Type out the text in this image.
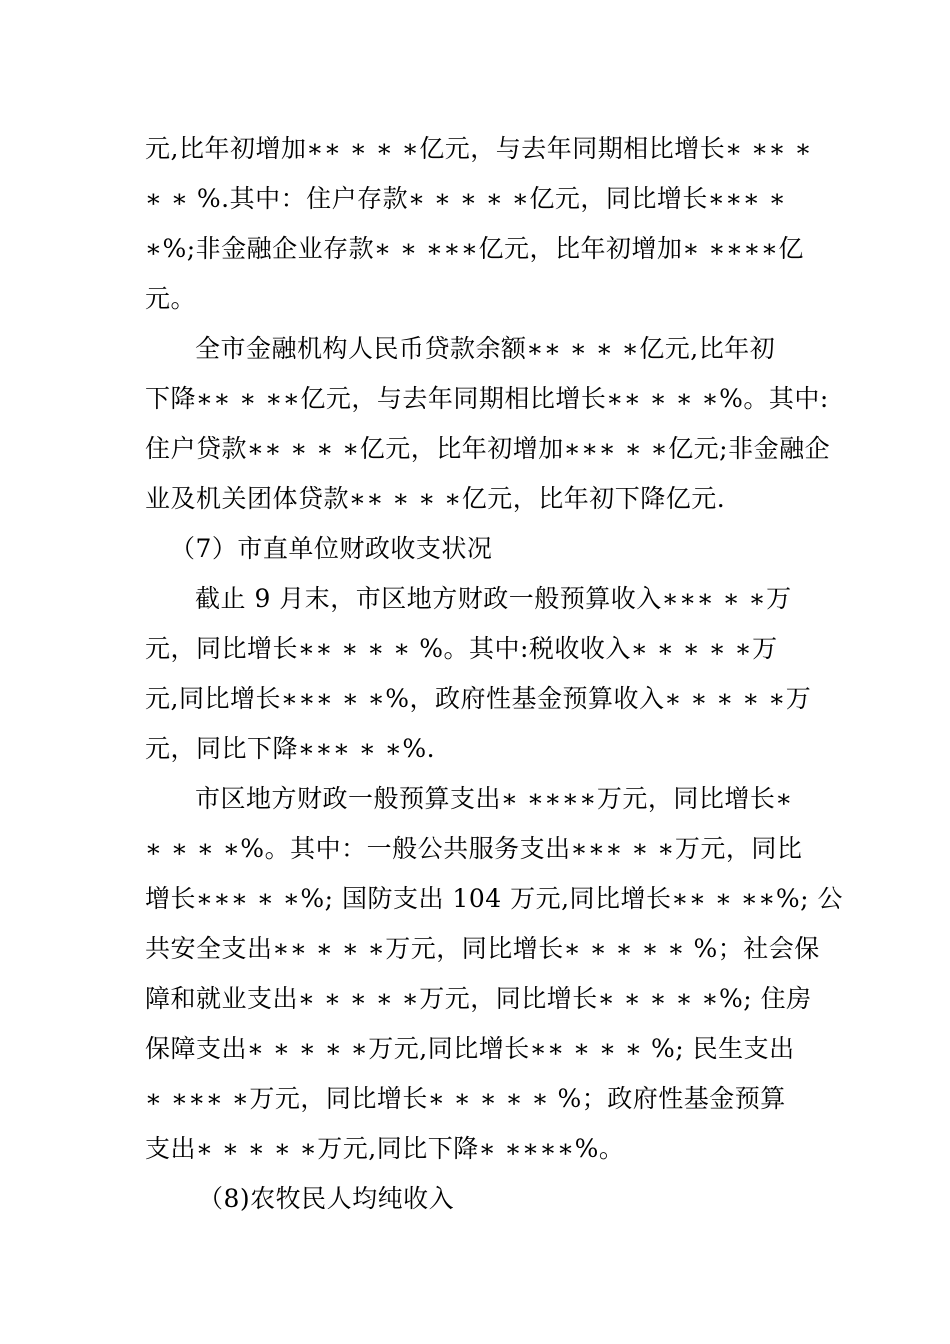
元,比年初增加∗∗ ∗ ∗ ∗亿元，与去年同期相比增长∗ ∗∗ ∗
∗ ∗ %.其中：住户存款∗ ∗ ∗ ∗ ∗亿元，同比增长∗∗∗ ∗
∗%;非金融企业存款∗ ∗ ∗∗∗亿元，比年初增加∗ ∗∗∗∗亿
元。
全市金融机构人民币贷款余额∗∗ ∗ ∗ ∗亿元,比年初
下降∗∗ ∗ ∗∗亿元，与去年同期相比增长∗∗ ∗ ∗ ∗%。其中:
住户贷款∗∗ ∗ ∗ ∗亿元，比年初增加∗∗∗ ∗ ∗亿元;非金融企
业及机关团体贷款∗∗ ∗ ∗ ∗亿元，比年初下降亿元.
（7）市直单位财政收支状况
截止 9 月末，市区地方财政一般预算收入∗∗∗ ∗ ∗万
元，同比增长∗∗ ∗ ∗ ∗ %。其中:税收收入∗ ∗ ∗ ∗ ∗万
元,同比增长∗∗∗ ∗ ∗%，政府性基金预算收入∗ ∗ ∗ ∗ ∗万
元，同比下降∗∗∗ ∗ ∗%.
市区地方财政一般预算支出∗ ∗∗∗∗万元，同比增长∗
∗ ∗ ∗ ∗%。其中：一般公共服务支出∗∗∗ ∗ ∗万元，同比
增长∗∗∗ ∗ ∗%; 国防支出 104 万元,同比增长∗∗ ∗ ∗∗%; 公
共安全支出∗∗ ∗ ∗ ∗万元，同比增长∗ ∗ ∗ ∗ ∗ %；社会保
障和就业支出∗ ∗ ∗ ∗ ∗万元，同比增长∗ ∗ ∗ ∗ ∗%; 住房
保障支出∗ ∗ ∗ ∗ ∗万元,同比增长∗∗ ∗ ∗ ∗ %; 民生支出
∗ ∗∗∗ ∗万元，同比增长∗ ∗ ∗ ∗ ∗ %；政府性基金预算
支出∗ ∗ ∗ ∗ ∗万元,同比下降∗ ∗∗∗∗%。
（8)农牧民人均纯收入
